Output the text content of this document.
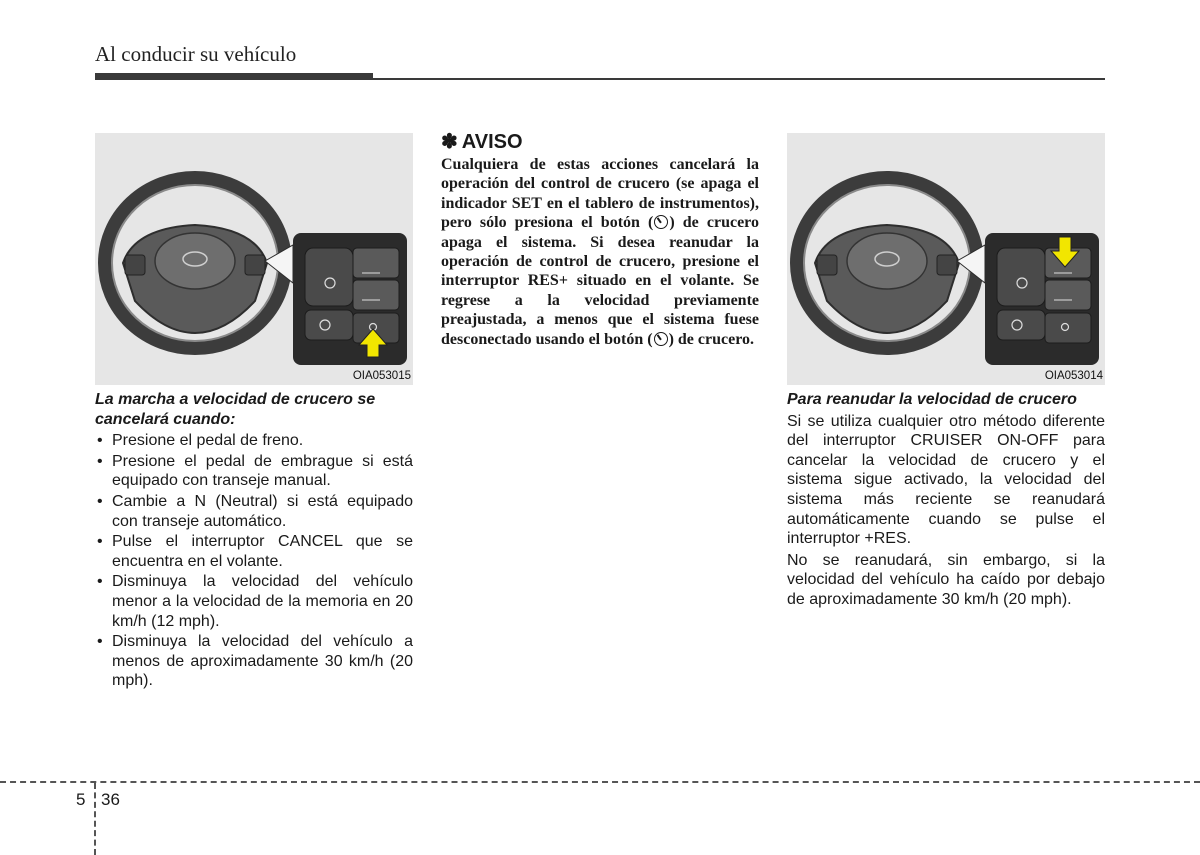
Al conducir su vehículo
OIA053015	OIA053014

La marcha a velocidad de crucero se cancelará cuando:

• Presione el pedal de freno.
• Presione el pedal de embrague si está equipado con transeje manual.
• Cambie a N (Neutral) si está equipado con transeje automático.
• Pulse el interruptor CANCEL que se encuentra en el volante.
• Disminuya la velocidad del vehículo menor a la velocidad de la memoria en 20 km/h (12 mph).
• Disminuya la velocidad del vehículo a menos de aproximadamente 30 km/h (20 mph).

✽ AVISO

Cualquiera de estas acciones cancelará la operación del control de crucero (se apaga el indicador SET en el tablero de instrumentos), pero sólo presiona el botón ( ) de crucero apaga el sistema. Si desea reanudar la operación de control de crucero, presione el interruptor RES+ situado en el volante. Se regrese a la velocidad previamente preajustada, a menos que el sistema fuese desconectado usando el botón ( ) de crucero.

Para reanudar la velocidad de crucero

Si se utiliza cualquier otro método diferente del interruptor CRUISER ON-OFF para cancelar la velocidad de crucero y el sistema sigue activado, la velocidad del sistema más reciente se reanudará automáticamente cuando se pulse el interruptor +RES.

No se reanudará, sin embargo, si la velocidad del vehículo ha caído por debajo de aproximadamente 30 km/h (20 mph).

5 36
